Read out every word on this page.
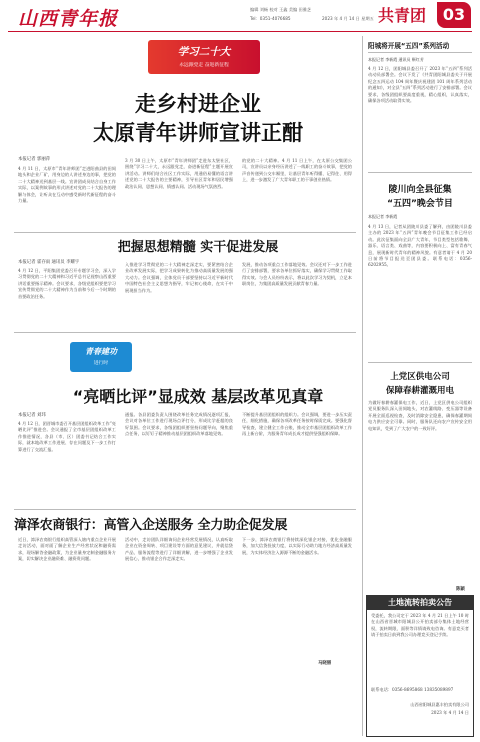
山西青年报	编辑 刘畅 校对 王鑫 美编 田雅芝
Tel：0351-4076685	2023 年 4 月 14 日 星期五 共青团	03
学习二十大
永远跟党走 奋进新征程
走乡村进企业
太原青年讲师宣讲正酣
本报记者 郭丽萍
4 月 11 日，太原市“青年讲师团”走进阳曲县的田间地头和企业厂矿，用身边的人讲述身边的事，把党的二十大精神送到基层一线。宣讲团成员结合自身工作实际，以案例故事的形式讲述对党的二十大报告的理解与体会，让听众在互动中感受新时代新征程的奋斗力量。
3 月 30 日上午，太原市“青年讲师团”走进东太堡社区，围绕“学习二十大，永远跟党走，奋进新征程”主题开展宣讲活动。讲师们结合社区工作实际，用通俗易懂的语言讲述党的二十大报告的主要精神，引导社区青年和居民增强政治认同、思想认同、情感认同。活动现场气氛热烈。
的党的二十大精神。4 月 11 日上午，在太原公交集团公司，宣讲员以亲身经历讲述了一线职工的奋斗故事，把党的声音传递到公交车厢里，让基层青年听得懂、记得住、用得上，进一步激发了广大青年职工的干事创业热情。
把握思想精髓 实干促进发展
本报记者 霍存雨 通讯员 李耀宇
4 月 12 日，平阳集团党委召开专题学习会，深入学习贯彻党的二十大精神和习近平总书记视察山西重要讲话重要指示精神。会议要求，各级党组织要把学习宣传贯彻党的二十大精神作为当前和今后一个时期的首要政治任务。
入推进学习贯彻党的二十大精神走深走实，要紧密结合企业改革发展实际，把学习成果转化为推动高质量发展的强大动力。会议强调，全体党员干部要坚持以习近平新时代中国特色社会主义思想为指导，牢记初心使命，在实干中展现担当作为。
发展，推动各项重点工作落地见效。会议还对下一步工作进行了安排部署，要求各单位抓好落实，确保学习贯彻工作取得实效。与会人员纷纷表示，将以此次学习为契机，立足本职岗位，为集团高质量发展贡献青春力量。
青春建功
进行时
“亮晒比评”显成效 基层改革见真章
本报记者 刘玮
4 月 12 日，团晋城市委召开基层团组织改革工作“亮晒比评”推进会。会议通报了全市基层团组织改革工作推进情况，各县（市、区）团委书记结合工作实际，就本地改革工作进展、存在问题及下一步工作打算进行了交流汇报。
通报。各县团委负责人围绕改革任务完成情况逐项汇报，会议对各单位工作进行现场点评打分，形成比学赶超的良好氛围。会议要求，各级团组织要坚持问题导向，聚焦重点任务，以钉钉子精神推动基层团组织改革落地见效。
不断提升基层团组织的组织力。会议强调，要进一步压实责任，细化措施，确保各项改革任务按时保质完成。要强化督导检查，建立健全工作台账，推动全市基层团组织改革工作再上新台阶，为服务青年成长成才提供坚强组织保障。
漳泽农商银行：高管入企送服务 全力助企促发展
近日，漳泽农商银行组织高管深入辖内重点企业开展走访活动，面对面了解企业生产经营状况和融资需求，现场解答金融政策，为企业量身定制金融服务方案，切实解决企业融资难、融资贵问题。
活动中，走访团队详细询问企业经营发展情况，认真听取企业在资金周转、项目建设等方面的意见建议，并就信贷产品、服务流程等进行了详细讲解，进一步增强了企业发展信心，推动银企合作走深走实。
下一步，漳泽农商银行将持续深化银企对接，优化金融服务，加大信贷投放力度，以实际行动助力地方经济高质量发展，为实体经济注入源源不断的金融活水。
马晓丽
阳城将开展“五四”系列活动
本报记者 李新霞 通讯员 靳红芳
4 月 12 日，团阳城县委召开了 2023 年“五四”系列活动动员部署会。会议下发了《共青团阳城县委关于开展纪念五四运动 104 周年暨庆祝建团 101 周年系列活动的通知》，对全县“五四”系列活动进行了安排部署。会议要求，各级团组织要高度重视，精心组织，认真落实，确保各项活动取得实效。
陵川向全县征集
“五四”晚会节目
本报记者 李新霞
4 月 13 日，记者从团陵川县委了解到，由团陵川县委主办的 2023 年“五四”青年晚会节目征集工作已经启动。此次征集面向全县广大青年，节目类型包括歌舞、器乐、语言类、戏曲等，内容要积极向上、富有青春气息，展现新时代青年的精神风貌。有意者请于 4 月 20 日前将节目报送至团县委。联系电话：0356-6202955。
上党区供电公司
保障春耕灌溉用电
为做好春耕春灌保电工作，近日，上党区供电公司组织党员服务队深入田间地头，对农灌线路、变压器等设备开展全面巡视检查，及时消除安全隐患，确保春灌期间电力供应安全可靠。同时，服务队还向农户宣传安全用电知识，受到了广大农户的一致好评。
陈颖
土地流转拍卖公告
受委托，我公司定于 2023 年 4 月 21 日上午 10 时在山西省晋城市阳城县公开拍卖部分集体土地经营权，流转期限、面积等详情请致电咨询。有意竞买者请于拍卖日前到我公司办理竞买登记手续。
联系电话：0356-8695868 13835089897
山西省阳城县惠丰拍卖有限公司
2023 年 4 月 14 日
